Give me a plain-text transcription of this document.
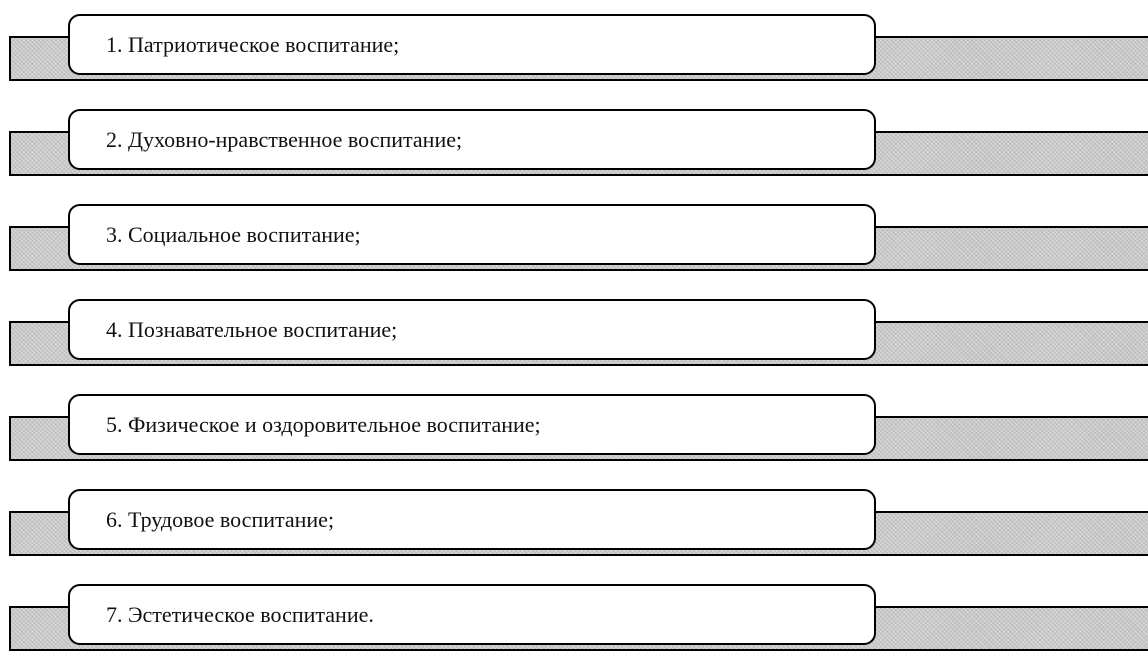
1. Патриотическое воспитание;
2. Духовно-нравственное воспитание;
3. Социальное воспитание;
4. Познавательное воспитание;
5. Физическое и оздоровительное воспитание;
6. Трудовое воспитание;
7. Эстетическое воспитание.
